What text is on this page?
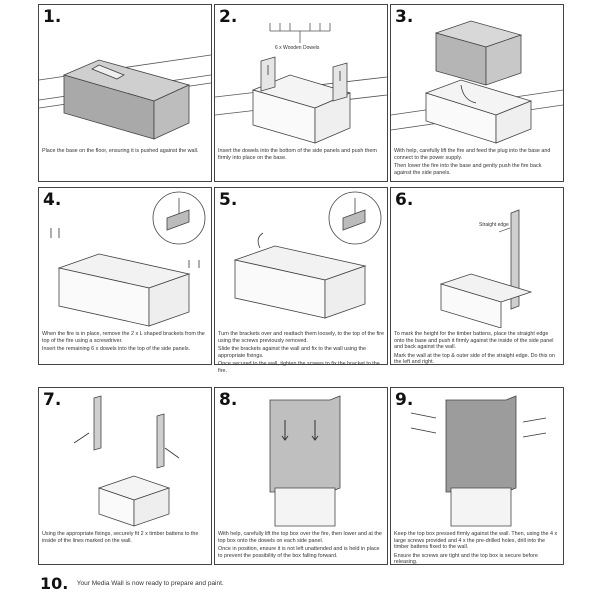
1.

Place the base on the floor, ensuring it is pushed against the wall.

2.
6 x Wooden Dowels

Insert the dowels into the bottom of the side panels and push them firmly into place on the base.

3.

With help, carefully lift the fire and feed the plug into the base and connect to the power supply.

Then lower the fire into the base and gently push the fire back against the side panels.

4.

When the fire is in place, remove the 2 x L shaped brackets from the top of the fire using a screwdriver.

Insert the remaining 6 x dowels into the top of the side panels.

5.

Turn the brackets over and reattach them loosely, to the top of the fire using the screws previously removed.

Slide the brackets against the wall and fix to the wall using the appropriate fixings.

Once secured to the wall, tighten the screws to fix the bracket to the fire.

6.
Straight edge

To mark the height for the timber battens, place the straight edge onto the base and push it firmly against the inside of the side panel and back against the wall.

Mark the wall at the top & outer side of the straight edge. Do this on the left and right.

7.

Using the appropriate fixings, securely fit 2 x timber battens to the inside of the lines marked on the wall.

8.

With help, carefully lift the top box over the fire, then lower and at the top box onto the dowels on each side panel.

Once in position, ensure it is not left unattended and is held in place to prevent the possibility of the box falling forward.

9.

Keep the top box pressed firmly against the wall. Then, using the 4 x large screws provided and 4 x the pre-drilled holes, drill into the timber battens fixed to the wall.

Ensure the screws are tight and the top box is secure before releasing.

10. Your Media Wall is now ready to prepare and paint.
